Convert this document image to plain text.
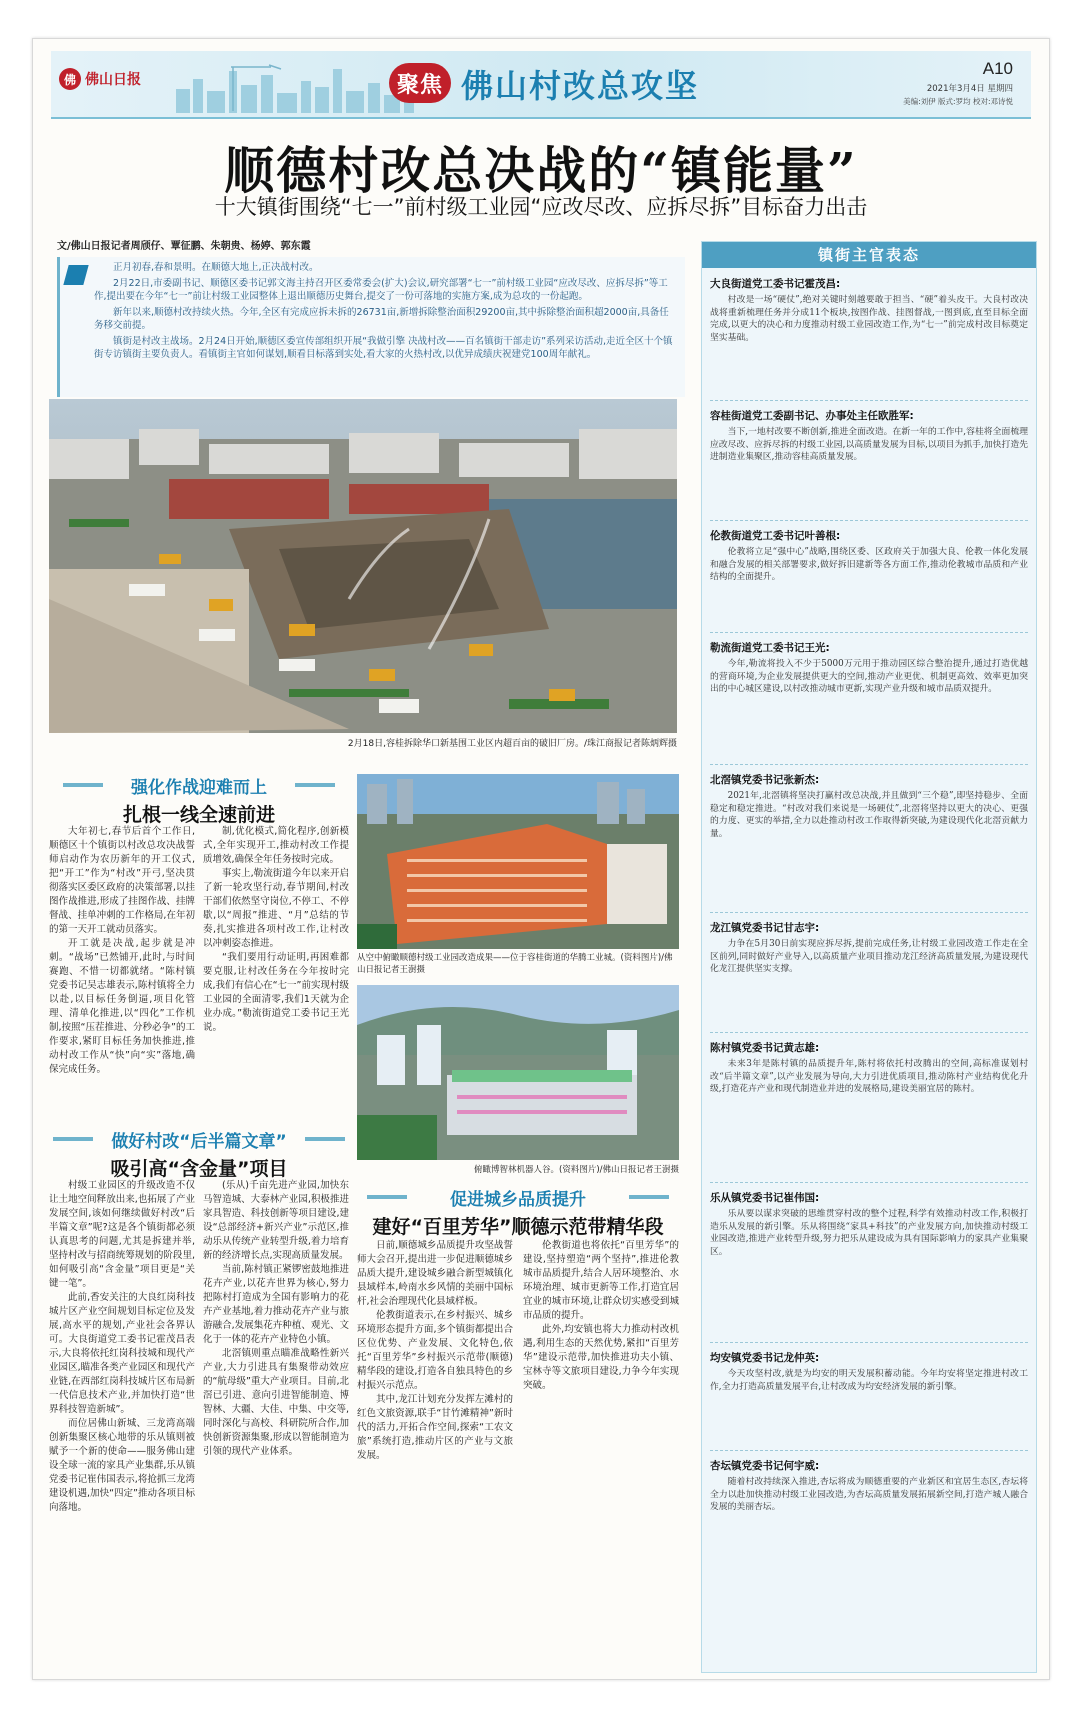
佛 佛山日报	聚焦 佛山村改总攻坚	A10
2021年3月4日 星期四
美编:刘伊 版式:罗均 校对:邓诗悦
顺德村改总决战的“镇能量”
十大镇街围绕“七一”前村级工业园“应改尽改、应拆尽拆”目标奋力出击
文/佛山日报记者周颀仔、覃征鹏、朱朝贵、杨婷、郭东霞

正月初春,春和景明。在顺德大地上,正决战村改。

2月22日,市委副书记、顺德区委书记郭文海主持召开区委常委会(扩大)会议,研究部署“七一”前村级工业园“应改尽改、应拆尽拆”等工作,提出要在今年“七一”前让村级工业园整体上退出顺德历史舞台,提交了一份可落地的实施方案,成为总攻的一份起跑。

新年以来,顺德村改持续火热。今年,全区有完成应拆未拆的26731亩,新增拆除整治面积29200亩,其中拆除整治面积超2000亩,具备任务移交前提。

镇街是村改主战场。2月24日开始,顺德区委宣传部组织开展“我做引擎 决战村改——百名镇街干部走访”系列采访活动,走近全区十个镇街专访镇街主要负责人。看镇街主官如何谋划,顺看目标落到实处,看大家的火热村改,以优异成绩庆祝建党100周年献礼。

2月18日,容桂拆除华口新基围工业区内超百亩的破旧厂房。/珠江商报记者陈炳辉摄
强化作战迎难而上
扎根一线全速前进

大年初七,春节后首个工作日,顺德区十个镇街以村改总攻决战誓师启动作为农历新年的开工仪式,把“开工”作为“村改”开弓,坚决贯彻落实区委区政府的决策部署,以挂图作战推进,形成了挂图作战、挂牌督战、挂单冲刺的工作格局,在年初的第一天开工就动员落实。

开工就是决战,起步就是冲刺。“战场”已然铺开,此时,与时间赛跑、不惜一切都就绪。“陈村镇党委书记吴志雄表示,陈村镇将全力以赴,以目标任务倒逼,项目化管理、清单化推进,以“四化”工作机制,按照“压茬推进、分秒必争”的工作要求,紧盯目标任务加快推进,推动村改工作从“快”向“实”落地,确保完成任务。

制,优化模式,简化程序,创新模式,全年实现开工,推动村改工作提质增效,确保全年任务按时完成。

事实上,勒流街道今年以来开启了新一轮攻坚行动,春节期间,村改干部们依然坚守岗位,不停工、不停歇,以“周报”推进、“月”总结的节奏,扎实推进各项村改工作,让村改以冲刺姿态推进。

“我们要用行动证明,再困难都要克服,让村改任务在今年按时完成,我们有信心在“七一”前实现村级工业园的全面清零,我们1天就为企业办成。”勒流街道党工委书记王光说。

从空中俯瞰顺德村级工业园改造成果——位于容桂街道的华腾工业城。(资料图片)/佛山日报记者王澍摄
俯瞰博智林机器人谷。(资料图片)/佛山日报记者王澍摄
做好村改“后半篇文章”
吸引高“含金量”项目

村级工业园区的升级改造不仅让土地空间释放出来,也拓展了产业发展空间,该如何继续做好村改“后半篇文章”呢?这是各个镇街都必须认真思考的问题,尤其是拆建并举,坚持村改与招商统筹规划的阶段里,如何吸引高“含金量”项目更是“关键一笔”。

此前,香安关注的大良红岗科技城片区产业空间规划目标定位及发展,高水平的规划,产业社会各界认可。大良街道党工委书记霍茂昌表示,大良将依托红岗科技城和现代产业园区,瞄准各类产业园区和现代产业链,在西部红岗科技城片区布局新一代信息技术产业,并加快打造“世界科技智造新城”。

而位居佛山新城、三龙湾高端创新集聚区核心地带的乐从镇则被赋予一个新的使命——服务佛山建设全球一流的家具产业集群,乐从镇党委书记崔伟国表示,将抢抓三龙湾建设机遇,加快“四定”推动各项目标向落地。

(乐从)千亩先进产业园,加快东马智造城、大泰林产业园,积极推进家具智造、科技创新等项目建设,建设“总部经济+新兴产业”示范区,推动乐从传统产业转型升级,着力培育新的经济增长点,实现高质量发展。

当前,陈村镇正紧锣密鼓地推进花卉产业,以花卉世界为核心,努力把陈村打造成为全国有影响力的花卉产业基地,着力推动花卉产业与旅游融合,发展集花卉种植、观光、文化于一体的花卉产业特色小镇。

北滘镇则重点瞄准战略性新兴产业,大力引进具有集聚带动效应的“航母级”重大产业项目。目前,北滘已引进、意向引进智能制造、博智林、大疆、大佳、中集、中交等,同时深化与高校、科研院所合作,加快创新资源集聚,形成以智能制造为引领的现代产业体系。

促进城乡品质提升
建好“百里芳华”顺德示范带精华段

日前,顺德城乡品质提升攻坚战誓师大会召开,提出进一步促进顺德城乡品质大提升,建设城乡融合新型城镇化县域样本,岭南水乡风情的美丽中国标杆,社会治理现代化县域样板。

伦教街道表示,在乡村振兴、城乡环境形态提升方面,多个镇街都提出合区位优势、产业发展、文化特色,依托“百里芳华”乡村振兴示范带(顺德)精华段的建设,打造各自独具特色的乡村振兴示范点。

其中,龙江计划充分发挥左滩村的红色文旅资源,联手“甘竹滩精神”新时代的活力,开拓合作空间,探索“工农文旅”系统打造,推动片区的产业与文旅发展。

伦教街道也将依托“百里芳华”的建设,坚持塑造“两个坚持”,推进伦教城市品质提升,结合人居环境整治、水环境治理、城市更新等工作,打造宜居宜业的城市环境,让群众切实感受到城市品质的提升。

此外,均安镇也将大力推动村改机遇,利用生态的天然优势,紧扣“百里芳华”建设示范带,加快推进功夫小镇、宝林寺等文旅项目建设,力争今年实现突破。

镇街主官表态
大良街道党工委书记霍茂昌:

村改是一场“硬仗”,绝对关键时刻越要敢于担当、“硬”着头皮干。大良村改决战将重新梳理任务并分成11个板块,按图作战、挂图督战,一图到底,直至目标全面完成,以更大的决心和力度推动村级工业园改造工作,为“七一”前完成村改目标奠定坚实基础。

容桂街道党工委副书记、办事处主任欧胜军:

当下,一地村改要不断创新,推进全面改造。在新一年的工作中,容桂将全面梳理应改尽改、应拆尽拆的村级工业园,以高质量发展为目标,以项目为抓手,加快打造先进制造业集聚区,推动容桂高质量发展。

伦教街道党工委书记叶善根:

伦教将立足“强中心”战略,围绕区委、区政府关于加强大良、伦教一体化发展和融合发展的相关部署要求,做好拆旧建新等各方面工作,推动伦教城市品质和产业结构的全面提升。

勒流街道党工委书记王光:

今年,勒流将投入不少于5000万元用于推动园区综合整治提升,通过打造优越的营商环境,为企业发展提供更大的空间,推动产业更优、机制更高效、效率更加突出的中心城区建设,以村改推动城市更新,实现产业升级和城市品质双提升。

北滘镇党委书记张新杰:

2021年,北滘镇将坚决打赢村改总决战,并且做到“三个稳”,即坚持稳步、全面稳定和稳定推进。“村改对我们来说是一场硬仗”,北滘将坚持以更大的决心、更强的力度、更实的举措,全力以赴推动村改工作取得新突破,为建设现代化北滘贡献力量。

龙江镇党委书记甘志宇:

力争在5月30日前实现应拆尽拆,提前完成任务,让村级工业园改造工作走在全区前列,同时做好产业导入,以高质量产业项目推动龙江经济高质量发展,为建设现代化龙江提供坚实支撑。

陈村镇党委书记黄志雄:

未来3年是陈村镇的品质提升年,陈村将依托村改腾出的空间,高标准谋划村改“后半篇文章”,以产业发展为导向,大力引进优质项目,推动陈村产业结构优化升级,打造花卉产业和现代制造业并进的发展格局,建设美丽宜居的陈村。

乐从镇党委书记崔伟国:

乐从要以谋求突破的思维贯穿村改的整个过程,科学有效推动村改工作,积极打造乐从发展的新引擎。乐从将围绕“家具+科技”的产业发展方向,加快推动村级工业园改造,推进产业转型升级,努力把乐从建设成为具有国际影响力的家具产业集聚区。

均安镇党委书记龙仲英:

今天攻坚村改,就是为均安的明天发展积蓄动能。今年均安将坚定推进村改工作,全力打造高质量发展平台,让村改成为均安经济发展的新引擎。

杏坛镇党委书记何宇威:

随着村改持续深入推进,杏坛将成为顺德重要的产业新区和宜居生态区,杏坛将全力以赴加快推动村级工业园改造,为杏坛高质量发展拓展新空间,打造产城人融合发展的美丽杏坛。
